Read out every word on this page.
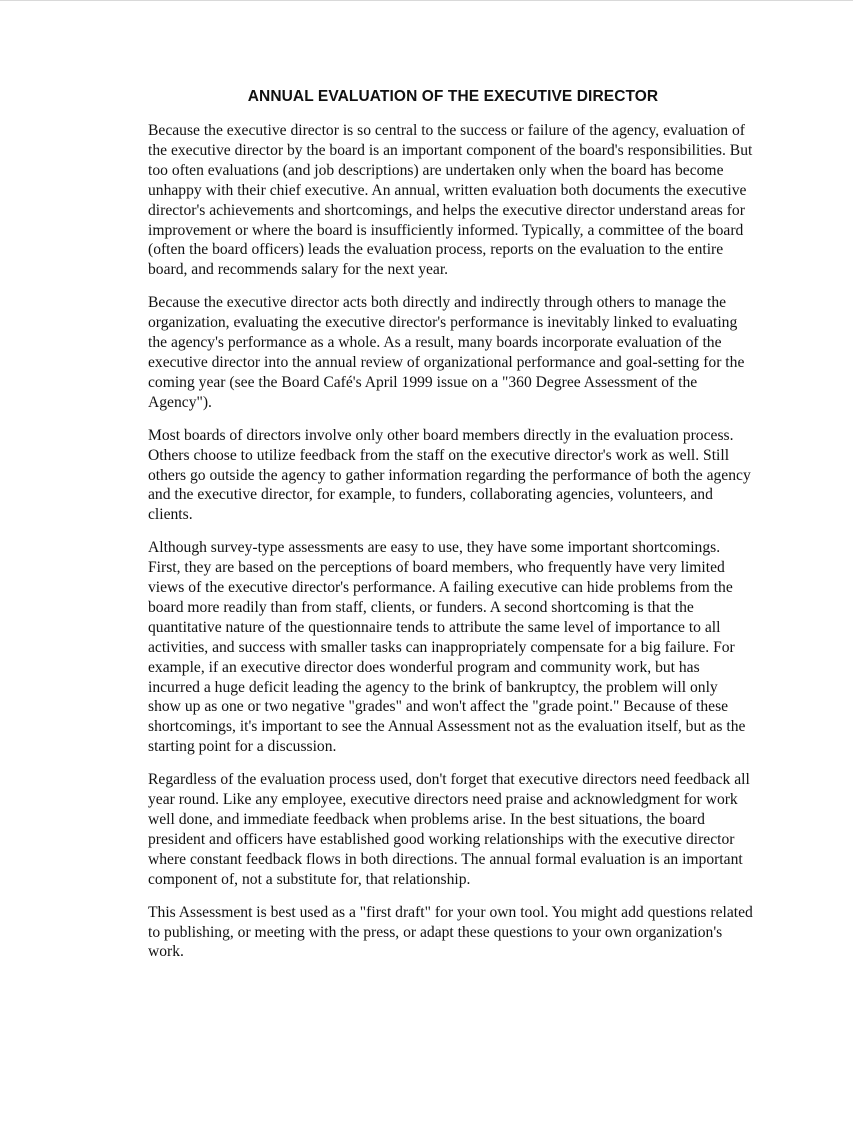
ANNUAL EVALUATION OF THE EXECUTIVE DIRECTOR

Because the executive director is so central to the success or failure of the agency, evaluation of the executive director by the board is an important component of the board's responsibilities. But too often evaluations (and job descriptions) are undertaken only when the board has become unhappy with their chief executive. An annual, written evaluation both documents the executive director's achievements and shortcomings, and helps the executive director understand areas for improvement or where the board is insufficiently informed. Typically, a committee of the board (often the board officers) leads the evaluation process, reports on the evaluation to the entire board, and recommends salary for the next year.

Because the executive director acts both directly and indirectly through others to manage the organization, evaluating the executive director's performance is inevitably linked to evaluating the agency's performance as a whole. As a result, many boards incorporate evaluation of the executive director into the annual review of organizational performance and goal-setting for the coming year (see the Board Café's April 1999 issue on a "360 Degree Assessment of the Agency").

Most boards of directors involve only other board members directly in the evaluation process. Others choose to utilize feedback from the staff on the executive director's work as well. Still others go outside the agency to gather information regarding the performance of both the agency and the executive director, for example, to funders, collaborating agencies, volunteers, and clients.

Although survey-type assessments are easy to use, they have some important shortcomings. First, they are based on the perceptions of board members, who frequently have very limited views of the executive director's performance. A failing executive can hide problems from the board more readily than from staff, clients, or funders. A second shortcoming is that the quantitative nature of the questionnaire tends to attribute the same level of importance to all activities, and success with smaller tasks can inappropriately compensate for a big failure. For example, if an executive director does wonderful program and community work, but has incurred a huge deficit leading the agency to the brink of bankruptcy, the problem will only show up as one or two negative "grades" and won't affect the "grade point." Because of these shortcomings, it's important to see the Annual Assessment not as the evaluation itself, but as the starting point for a discussion.

Regardless of the evaluation process used, don't forget that executive directors need feedback all year round. Like any employee, executive directors need praise and acknowledgment for work well done, and immediate feedback when problems arise. In the best situations, the board president and officers have established good working relationships with the executive director where constant feedback flows in both directions. The annual formal evaluation is an important component of, not a substitute for, that relationship.

This Assessment is best used as a "first draft" for your own tool. You might add questions related to publishing, or meeting with the press, or adapt these questions to your own organization's work.
